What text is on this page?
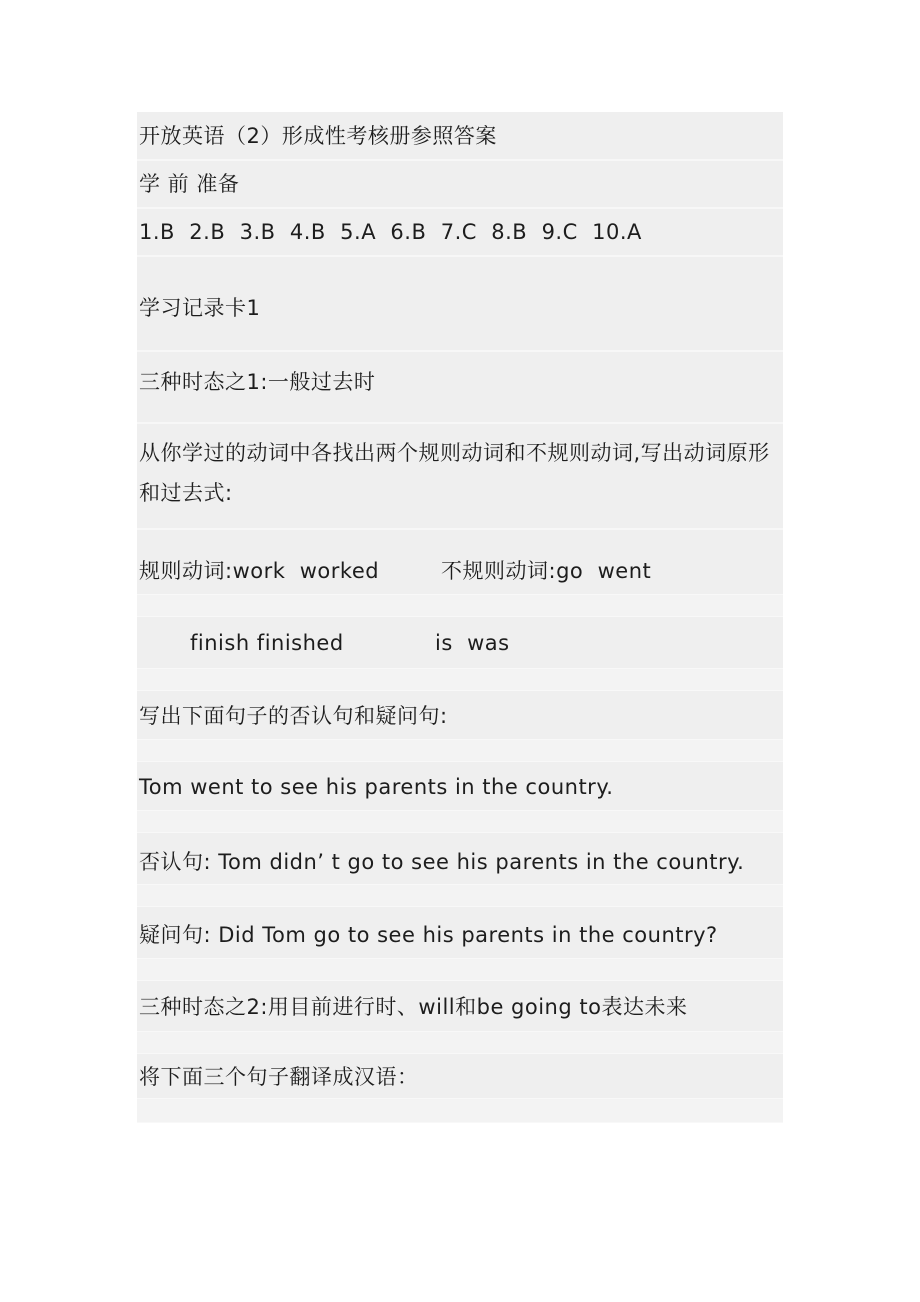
开放英语（2）形成性考核册参照答案
学 前 准备
1.B  2.B  3.B  4.B  5.A  6.B  7.C  8.B  9.C  10.A
学习记录卡1
三种时态之1:一般过去时
从你学过的动词中各找出两个规则动词和不规则动词,写出动词原形
和过去式:
规则动词:work  worked	不规则动词:go  went
finish finished	is  was
写出下面句子的否认句和疑问句:
Tom went to see his parents in the country.
否认句: Tom didn’ t go to see his parents in the country.
疑问句: Did Tom go to see his parents in the country?
三种时态之2:用目前进行时、will和be going to表达未来
将下面三个句子翻译成汉语：
